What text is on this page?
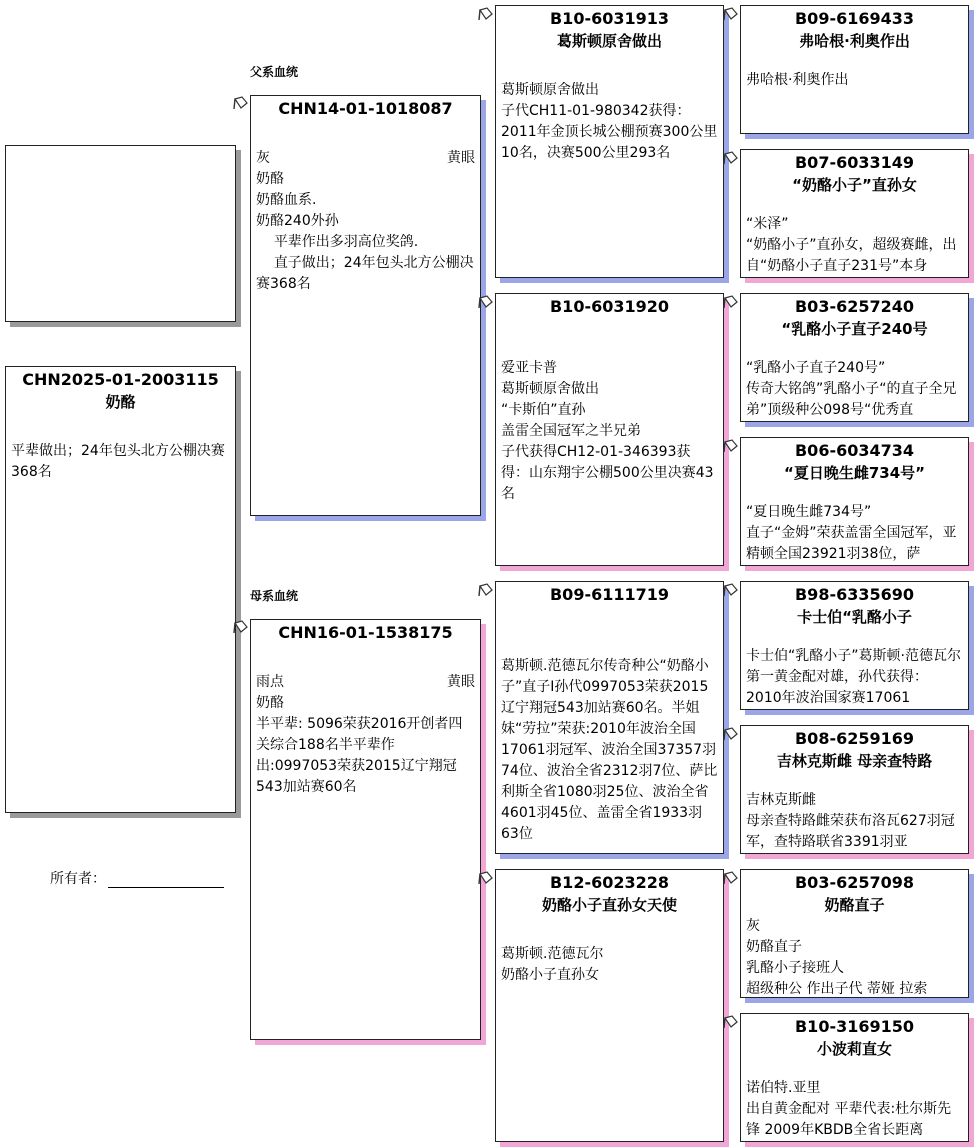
CHN2025-01-2003115
奶酪
平辈做出；24年包头北方公棚决赛368名
所有者：
父系血统
母系血统
CHN14-01-1018087
灰	黄眼
奶酪
奶酪血系.
奶酪240外孙
平辈作出多羽高位奖鸽.
直子做出；24年包头北方公棚决赛368名
CHN16-01-1538175
雨点	黄眼
奶酪
半平辈: 5096荣获2016开创者四关综合188名半平辈作出:0997053荣获2015辽宁翔冠543加站赛60名
B10-6031913
葛斯顿原舍做出
葛斯顿原舍做出
子代CH11-01-980342获得：2011年金顶长城公棚预赛300公里10名，决赛500公里293名
B10-6031920
爱亚卡普
葛斯顿原舍做出
“卡斯伯”直孙
盖雷全国冠军之半兄弟
子代获得CH12-01-346393获得：山东翔宇公棚500公里决赛43名
B09-6111719
葛斯顿.范德瓦尔传奇种公“奶酪小子”直子I孙代0997053荣获2015辽宁翔冠543加站赛60名。半姐妹“劳拉”荣获:2010年波治全国17061羽冠军、波治全国37357羽74位、波治全省2312羽7位、萨比利斯全省1080羽25位、波治全省4601羽45位、盖雷全省1933羽63位
B12-6023228
奶酪小子直孙女天使
葛斯顿.范德瓦尔
奶酪小子直孙女
B09-6169433
弗哈根·利奥作出
弗哈根·利奥作出
B07-6033149
“奶酪小子”直孙女
“米泽”
“奶酪小子”直孙女，超级赛雌，出自“奶酪小子直子231号”本身
B03-6257240
“乳酪小子直子240号
“乳酪小子直子240号”
传奇大铭鸽”乳酪小子“的直子全兄弟”顶级种公098号“优秀直
B06-6034734
“夏日晚生雌734号”
“夏日晚生雌734号”
直子“金姆”荣获盖雷全国冠军，亚精顿全国23921羽38位，萨
B98-6335690
卡士伯“乳酪小子
卡士伯“乳酪小子”葛斯顿·范德瓦尔第一黄金配对雄，孙代获得：2010年波治国家赛17061
B08-6259169
吉林克斯雌 母亲查特路
吉林克斯雌
母亲查特路雌荣获布洛瓦627羽冠军，查特路联省3391羽亚
B03-6257098
奶酪直子
灰
奶酪直子
乳酪小子接班人
超级种公 作出子代 蒂娅 拉索
B10-3169150
小波莉直女
诺伯特.亚里
出自黄金配对 平辈代表:杜尔斯先锋 2009年KBDB全省长距离
